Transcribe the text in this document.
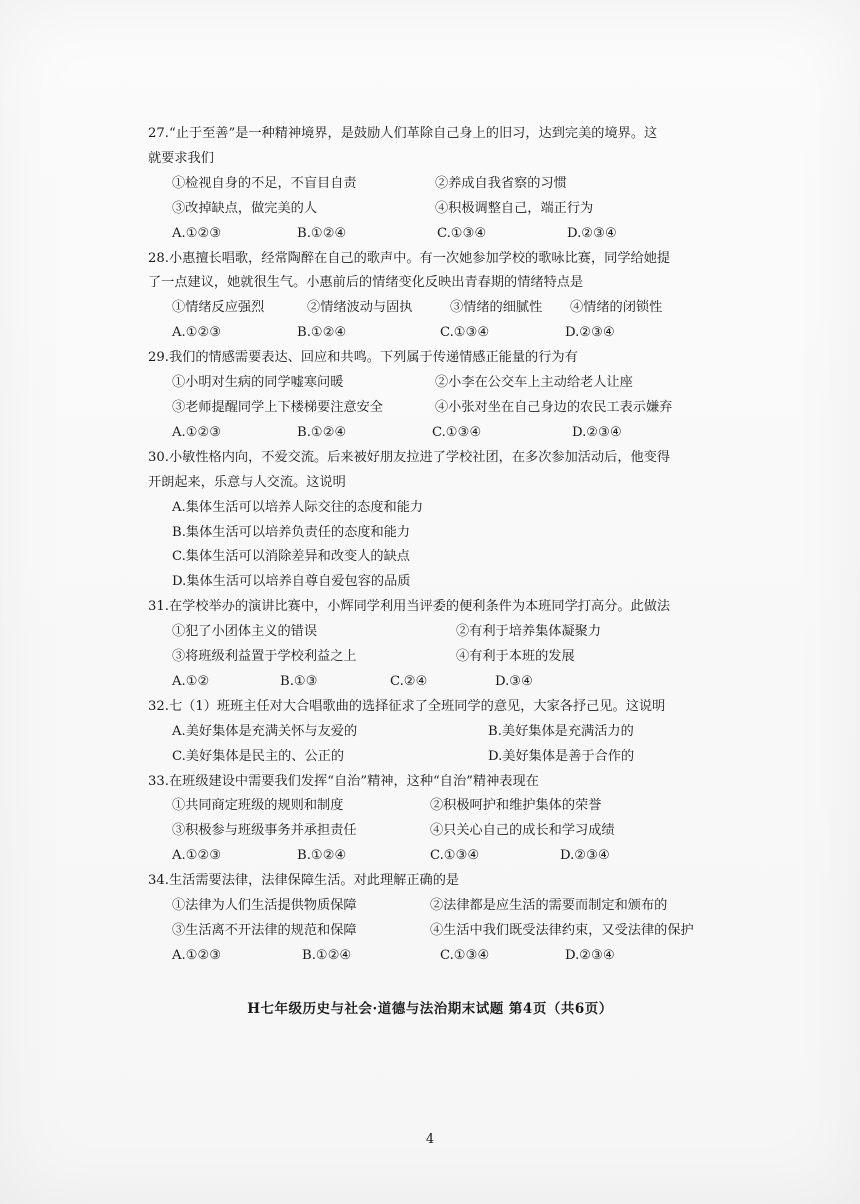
27.“止于至善”是一种精神境界，是鼓励人们革除自己身上的旧习，达到完美的境界。这
就要求我们
①检视自身的不足，不盲目自责	②养成自我省察的习惯
③改掉缺点，做完美的人	④积极调整自己，端正行为
A.①②③	B.①②④	C.①③④	D.②③④
28.小惠擅长唱歌，经常陶醉在自己的歌声中。有一次她参加学校的歌咏比赛，同学给她提
了一点建议，她就很生气。小惠前后的情绪变化反映出青春期的情绪特点是
①情绪反应强烈	②情绪波动与固执	③情绪的细腻性	④情绪的闭锁性
A.①②③	B.①②④	C.①③④	D.②③④
29.我们的情感需要表达、回应和共鸣。下列属于传递情感正能量的行为有
①小明对生病的同学嘘寒问暖	②小李在公交车上主动给老人让座
③老师提醒同学上下楼梯要注意安全	④小张对坐在自己身边的农民工表示嫌弃
A.①②③	B.①②④	C.①③④	D.②③④
30.小敏性格内向，不爱交流。后来被好朋友拉进了学校社团，在多次参加活动后，他变得
开朗起来，乐意与人交流。这说明
A.集体生活可以培养人际交往的态度和能力
B.集体生活可以培养负责任的态度和能力
C.集体生活可以消除差异和改变人的缺点
D.集体生活可以培养自尊自爱包容的品质
31.在学校举办的演讲比赛中，小辉同学利用当评委的便利条件为本班同学打高分。此做法
①犯了小团体主义的错误	②有利于培养集体凝聚力
③将班级利益置于学校利益之上	④有利于本班的发展
A.①②	B.①③	C.②④	D.③④
32.七（1）班班主任对大合唱歌曲的选择征求了全班同学的意见，大家各抒己见。这说明
A.美好集体是充满关怀与友爱的	B.美好集体是充满活力的
C.美好集体是民主的、公正的	D.美好集体是善于合作的
33.在班级建设中需要我们发挥“自治”精神，这种“自治”精神表现在
①共同商定班级的规则和制度	②积极呵护和维护集体的荣誉
③积极参与班级事务并承担责任	④只关心自己的成长和学习成绩
A.①②③	B.①②④	C.①③④	D.②③④
34.生活需要法律，法律保障生活。对此理解正确的是
①法律为人们生活提供物质保障	②法律都是应生活的需要而制定和颁布的
③生活离不开法律的规范和保障	④生活中我们既受法律约束，又受法律的保护
A.①②③	B.①②④	C.①③④	D.②③④
H七年级历史与社会·道德与法治期末试题 第4页（共6页）
4
